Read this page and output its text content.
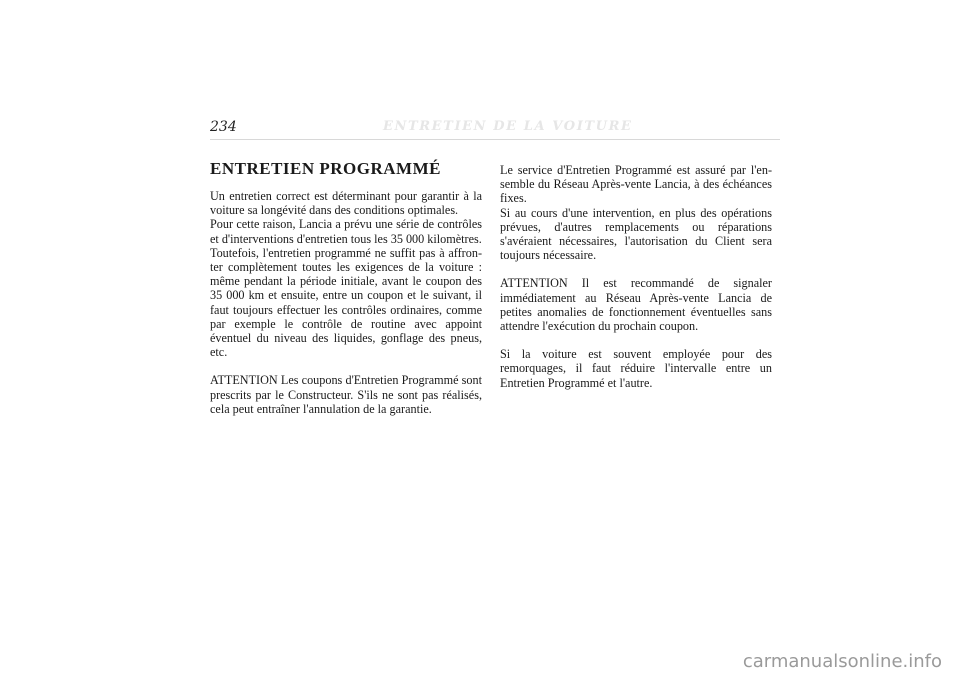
234	ENTRETIEN DE LA VOITURE
ENTRETIEN PROGRAMMÉ

Un entretien correct est déterminant pour garantir à la voiture sa longévité dans des conditions optimales.

Pour cette raison, Lancia a prévu une série de contrôles et d'interventions d'entretien tous les 35 000 kilomètres.

Toutefois, l'entretien programmé ne suffit pas à affronter complètement toutes les exigences de la voiture : même pendant la période initiale, avant le coupon des 35 000 km et ensuite, entre un coupon et le suivant, il faut toujours effectuer les contrôles ordinaires, comme par exemple le contrôle de routine avec appoint éventuel du niveau des liquides, gonflage des pneus, etc.

ATTENTION Les coupons d'Entretien Programmé sont prescrits par le Constructeur. S'ils ne sont pas réalisés, cela peut entraîner l'annulation de la garantie.

Le service d'Entretien Programmé est assuré par l'ensemble du Réseau Après-vente Lancia, à des échéances fixes.

Si au cours d'une intervention, en plus des opérations prévues, d'autres remplacements ou réparations s'avéraient nécessaires, l'autorisation du Client sera toujours nécessaire.

ATTENTION Il est recommandé de signaler immédiatement au Réseau Après-vente Lancia de petites anomalies de fonctionnement éventuelles sans attendre l'exécution du prochain coupon.

Si la voiture est souvent employée pour des remorquages, il faut réduire l'intervalle entre un Entretien Programmé et l'autre.

carmanualsonline.info
